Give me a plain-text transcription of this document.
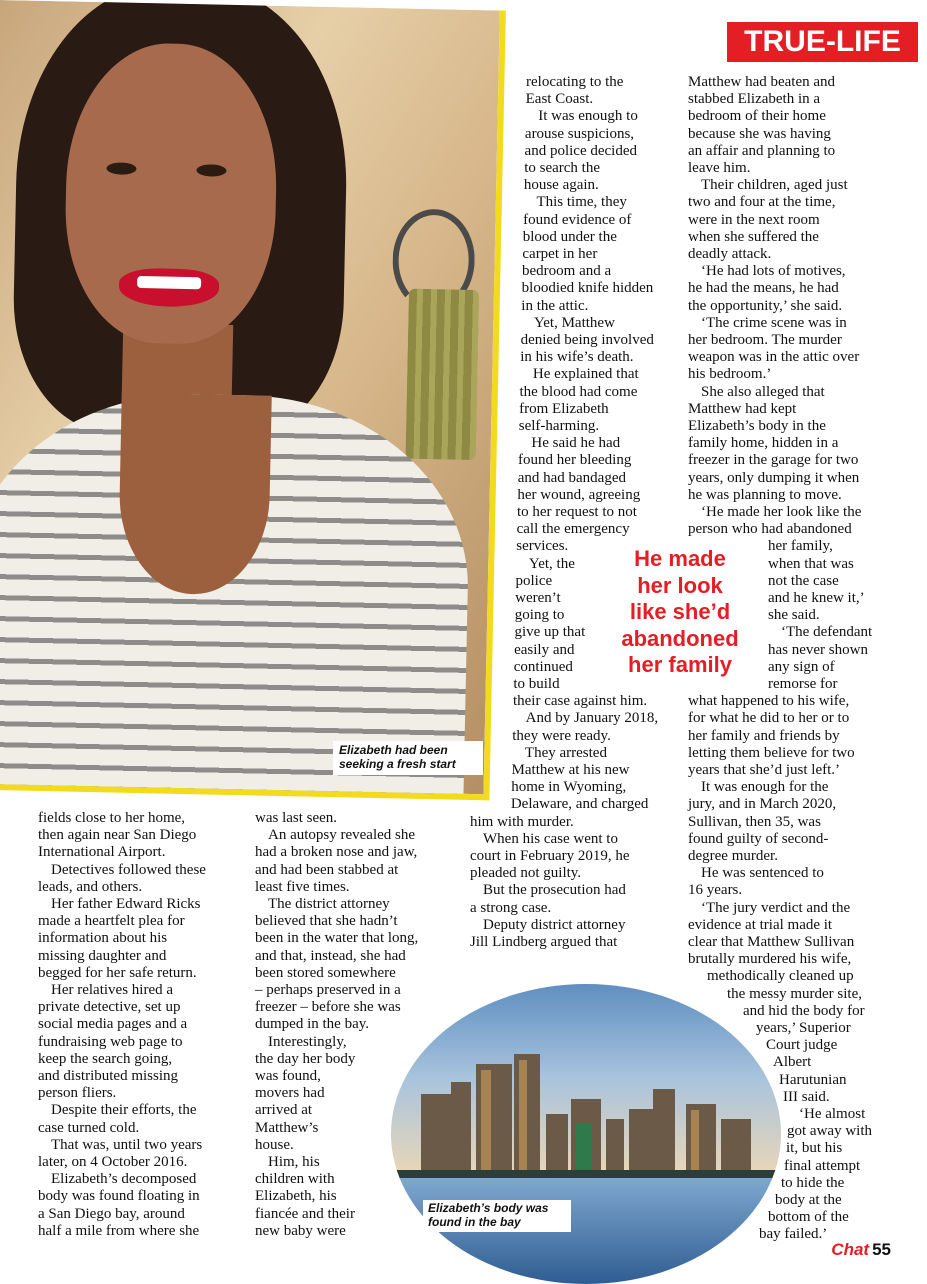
Elizabeth had been
seeking a fresh start
TRUE-LIFE
fields close to her home,
then again near San Diego
International Airport.
Detectives followed these
leads, and others.
Her father Edward Ricks
made a heartfelt plea for
information about his
missing daughter and
begged for her safe return.
Her relatives hired a
private detective, set up
social media pages and a
fundraising web page to
keep the search going,
and distributed missing
person fliers.
Despite their efforts, the
case turned cold.
That was, until two years
later, on 4 October 2016.
Elizabeth’s decomposed
body was found floating in
a San Diego bay, around
half a mile from where she
was last seen.
An autopsy revealed she
had a broken nose and jaw,
and had been stabbed at
least five times.
The district attorney
believed that she hadn’t
been in the water that long,
and that, instead, she had
been stored somewhere
– perhaps preserved in a
freezer – before she was
dumped in the bay.
Interestingly,
the day her body
was found,
movers had
arrived at
Matthew’s
house.
Him, his
children with
Elizabeth, his
fiancée and their
new baby were
relocating to the
East Coast.
It was enough to
arouse suspicions,
and police decided
to search the
house again.
This time, they
found evidence of
blood under the
carpet in her
bedroom and a
bloodied knife hidden
in the attic.
Yet, Matthew
denied being involved
in his wife’s death.
He explained that
the blood had come
from Elizabeth
self-harming.
He said he had
found her bleeding
and had bandaged
her wound, agreeing
to her request to not
call the emergency
services.
Yet, the
police
weren’t
going to
give up that
easily and
continued
to build
their case against him.
And by January 2018,
they were ready.
They arrested
Matthew at his new
home in Wyoming,
Delaware, and charged
him with murder.
When his case went to
court in February 2019, he
pleaded not guilty.
But the prosecution had
a strong case.
Deputy district attorney
Jill Lindberg argued that
Matthew had beaten and
stabbed Elizabeth in a
bedroom of their home
because she was having
an affair and planning to
leave him.
Their children, aged just
two and four at the time,
were in the next room
when she suffered the
deadly attack.
‘He had lots of motives,
he had the means, he had
the opportunity,’ she said.
‘The crime scene was in
her bedroom. The murder
weapon was in the attic over
his bedroom.’
She also alleged that
Matthew had kept
Elizabeth’s body in the
family home, hidden in a
freezer in the garage for two
years, only dumping it when
he was planning to move.
‘He made her look like the
person who had abandoned
her family,
when that was
not the case
and he knew it,’
she said.
‘The defendant
has never shown
any sign of
remorse for
what happened to his wife,
for what he did to her or to
her family and friends by
letting them believe for two
years that she’d just left.’
It was enough for the
jury, and in March 2020,
Sullivan, then 35, was
found guilty of second-
degree murder.
He was sentenced to
16 years.
‘The jury verdict and the
evidence at trial made it
clear that Matthew Sullivan
brutally murdered his wife,
methodically cleaned up
the messy murder site,
and hid the body for
years,’ Superior
Court judge
Albert
Harutunian
III said.
‘He almost
got away with
it, but his
final attempt
to hide the
body at the
bottom of the
bay failed.’
He made
her look
like she’d
abandoned
her family
Elizabeth’s body was
found in the bay
Chat 55
